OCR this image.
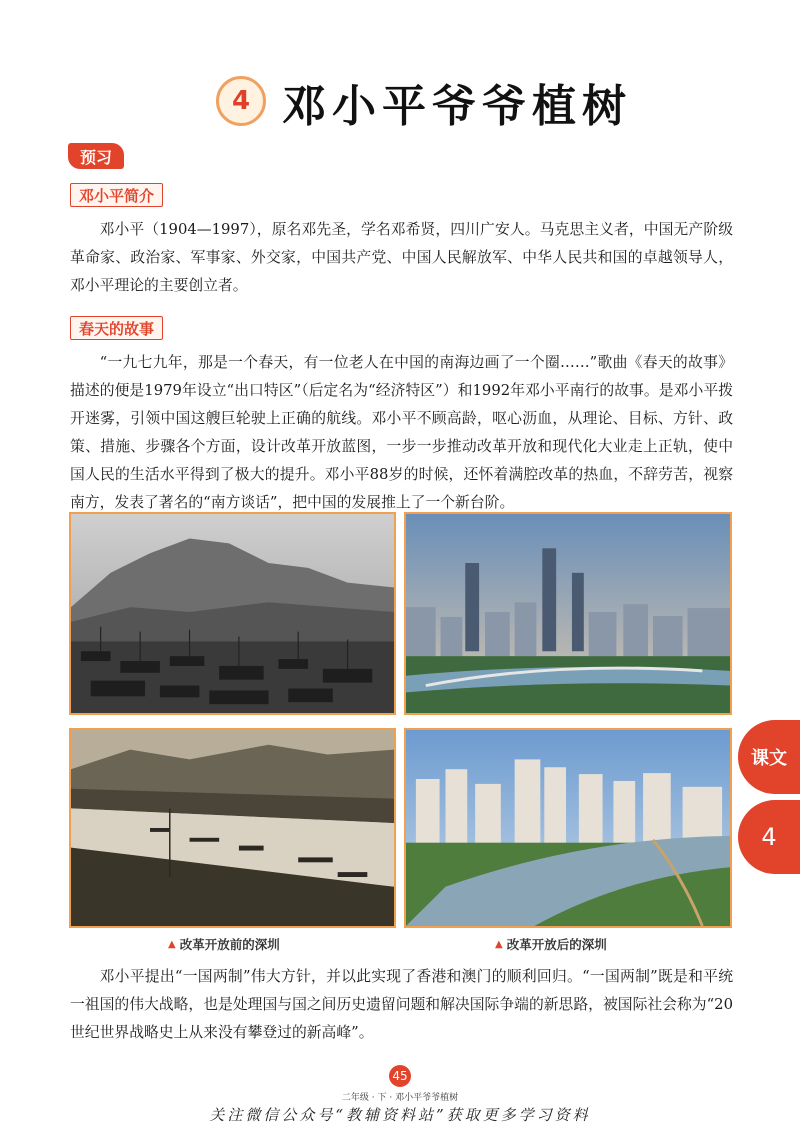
4 邓小平爷爷植树
预习
邓小平简介

邓小平（1904—1997），原名邓先圣，学名邓希贤，四川广安人。马克思主义者，中国无产阶级革命家、政治家、军事家、外交家，中国共产党、中国人民解放军、中华人民共和国的卓越领导人，邓小平理论的主要创立者。

春天的故事

“一九七九年，那是一个春天，有一位老人在中国的南海边画了一个圈……”歌曲《春天的故事》描述的便是1979年设立“出口特区”（后定名为“经济特区”）和1992年邓小平南行的故事。是邓小平拨开迷雾，引领中国这艘巨轮驶上正确的航线。邓小平不顾高龄，呕心沥血，从理论、目标、方针、政策、措施、步骤各个方面，设计改革开放蓝图，一步一步推动改革开放和现代化大业走上正轨，使中国人民的生活水平得到了极大的提升。邓小平88岁的时候，还怀着满腔改革的热血，不辞劳苦，视察南方，发表了著名的“南方谈话”，把中国的发展推上了一个新台阶。

▲ 改革开放前的深圳	▲ 改革开放后的深圳

邓小平提出“一国两制”伟大方针，并以此实现了香港和澳门的顺利回归。“一国两制”既是和平统一祖国的伟大战略，也是处理国与国之间历史遗留问题和解决国际争端的新思路，被国际社会称为“20世纪世界战略史上从来没有攀登过的新高峰”。

课文
4
45
二年级 · 下 · 邓小平爷爷植树
关注微信公众号“教辅资料站”获取更多学习资料
